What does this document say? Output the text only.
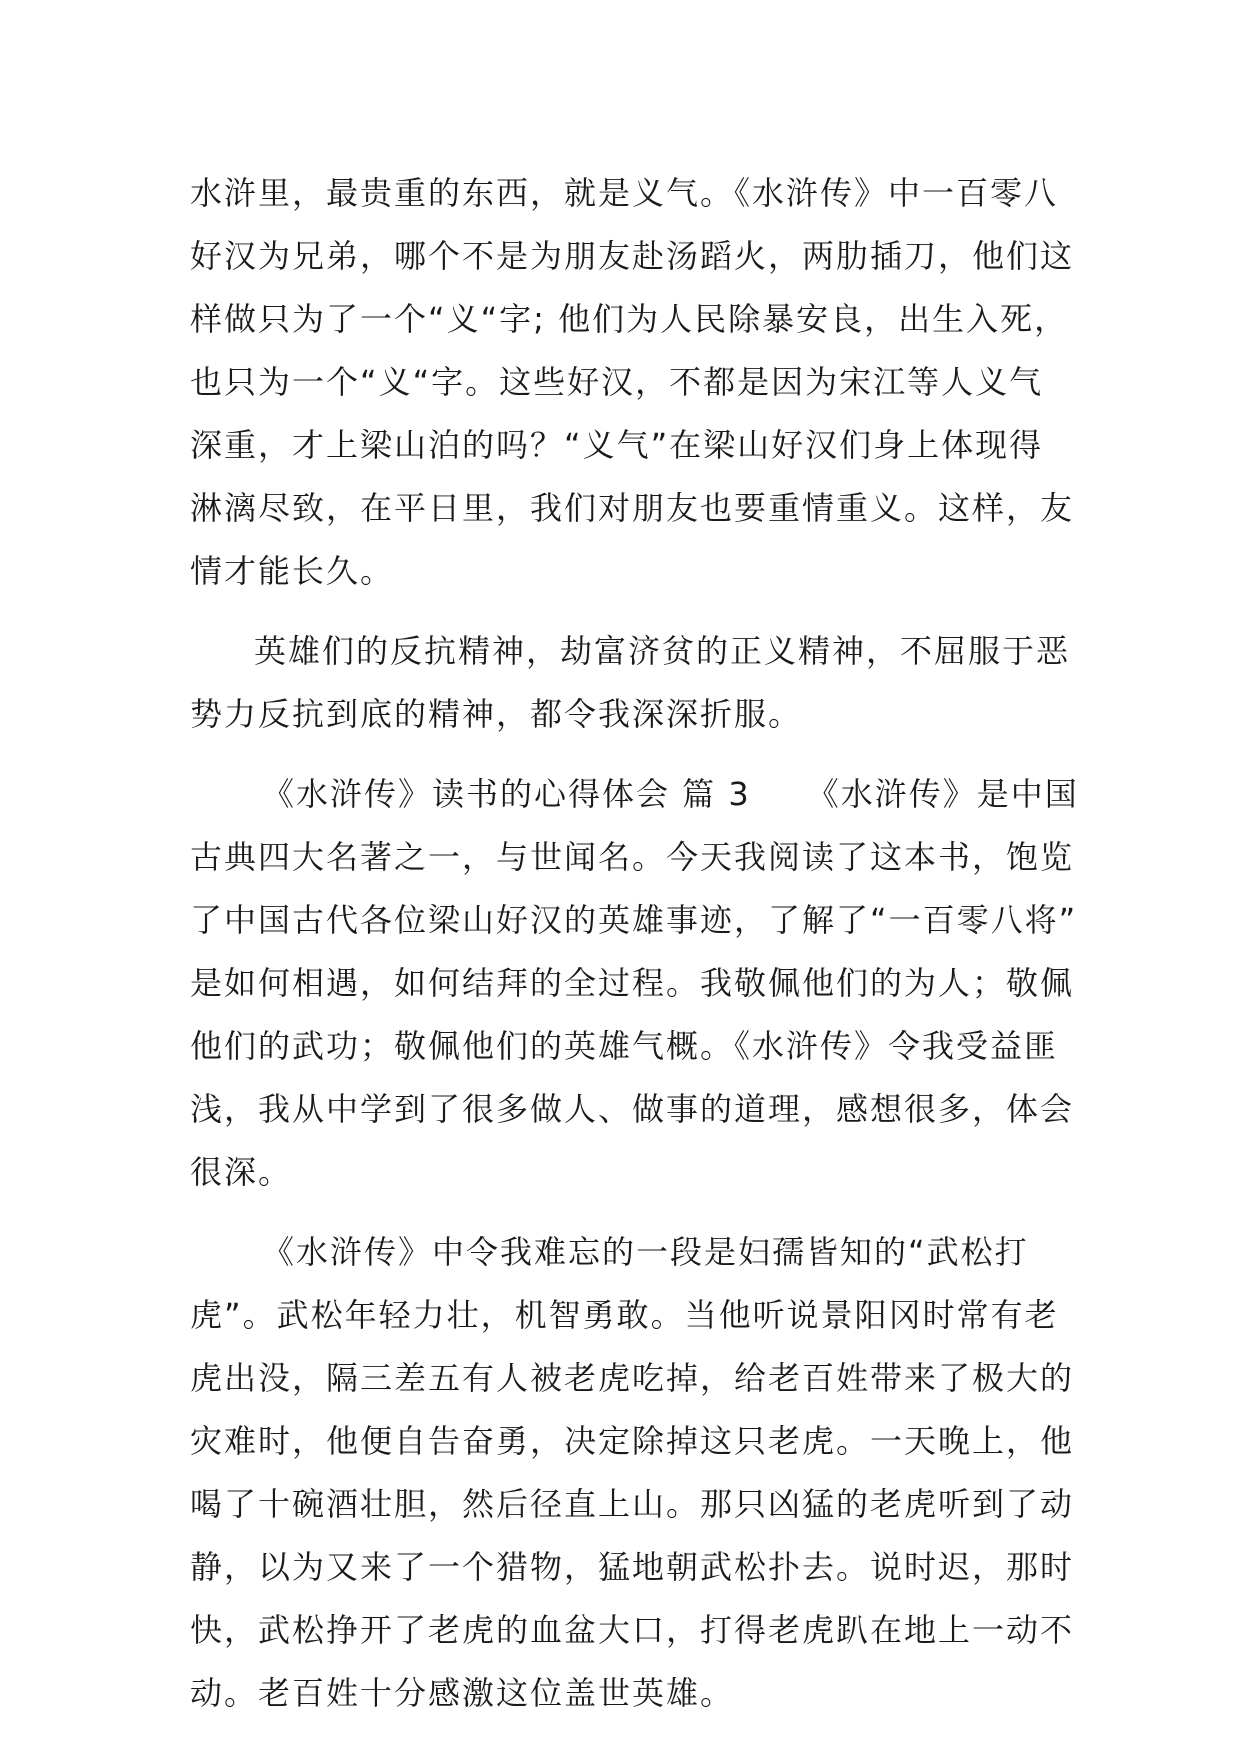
水浒里，最贵重的东西，就是义气。《水浒传》中一百零八
好汉为兄弟，哪个不是为朋友赴汤蹈火，两肋插刀，他们这
样做只为了一个“义“字; 他们为人民除暴安良，出生入死，
也只为一个“义“字。这些好汉，不都是因为宋江等人义气
深重，才上梁山泊的吗？“义气”在梁山好汉们身上体现得
淋漓尽致，在平日里，我们对朋友也要重情重义。这样，友
情才能长久。
英雄们的反抗精神，劫富济贫的正义精神，不屈服于恶
势力反抗到底的精神，都令我深深折服。
《水浒传》读书的心得体会 篇 3 《水浒传》是中国
古典四大名著之一，与世闻名。今天我阅读了这本书，饱览
了中国古代各位梁山好汉的英雄事迹，了解了“一百零八将”
是如何相遇，如何结拜的全过程。我敬佩他们的为人；敬佩
他们的武功；敬佩他们的英雄气概。《水浒传》令我受益匪
浅，我从中学到了很多做人、做事的道理，感想很多，体会
很深。
《水浒传》中令我难忘的一段是妇孺皆知的“武松打
虎”。武松年轻力壮，机智勇敢。当他听说景阳冈时常有老
虎出没，隔三差五有人被老虎吃掉，给老百姓带来了极大的
灾难时，他便自告奋勇，决定除掉这只老虎。一天晚上，他
喝了十碗酒壮胆，然后径直上山。那只凶猛的老虎听到了动
静，以为又来了一个猎物，猛地朝武松扑去。说时迟，那时
快，武松挣开了老虎的血盆大口，打得老虎趴在地上一动不
动。老百姓十分感激这位盖世英雄。
